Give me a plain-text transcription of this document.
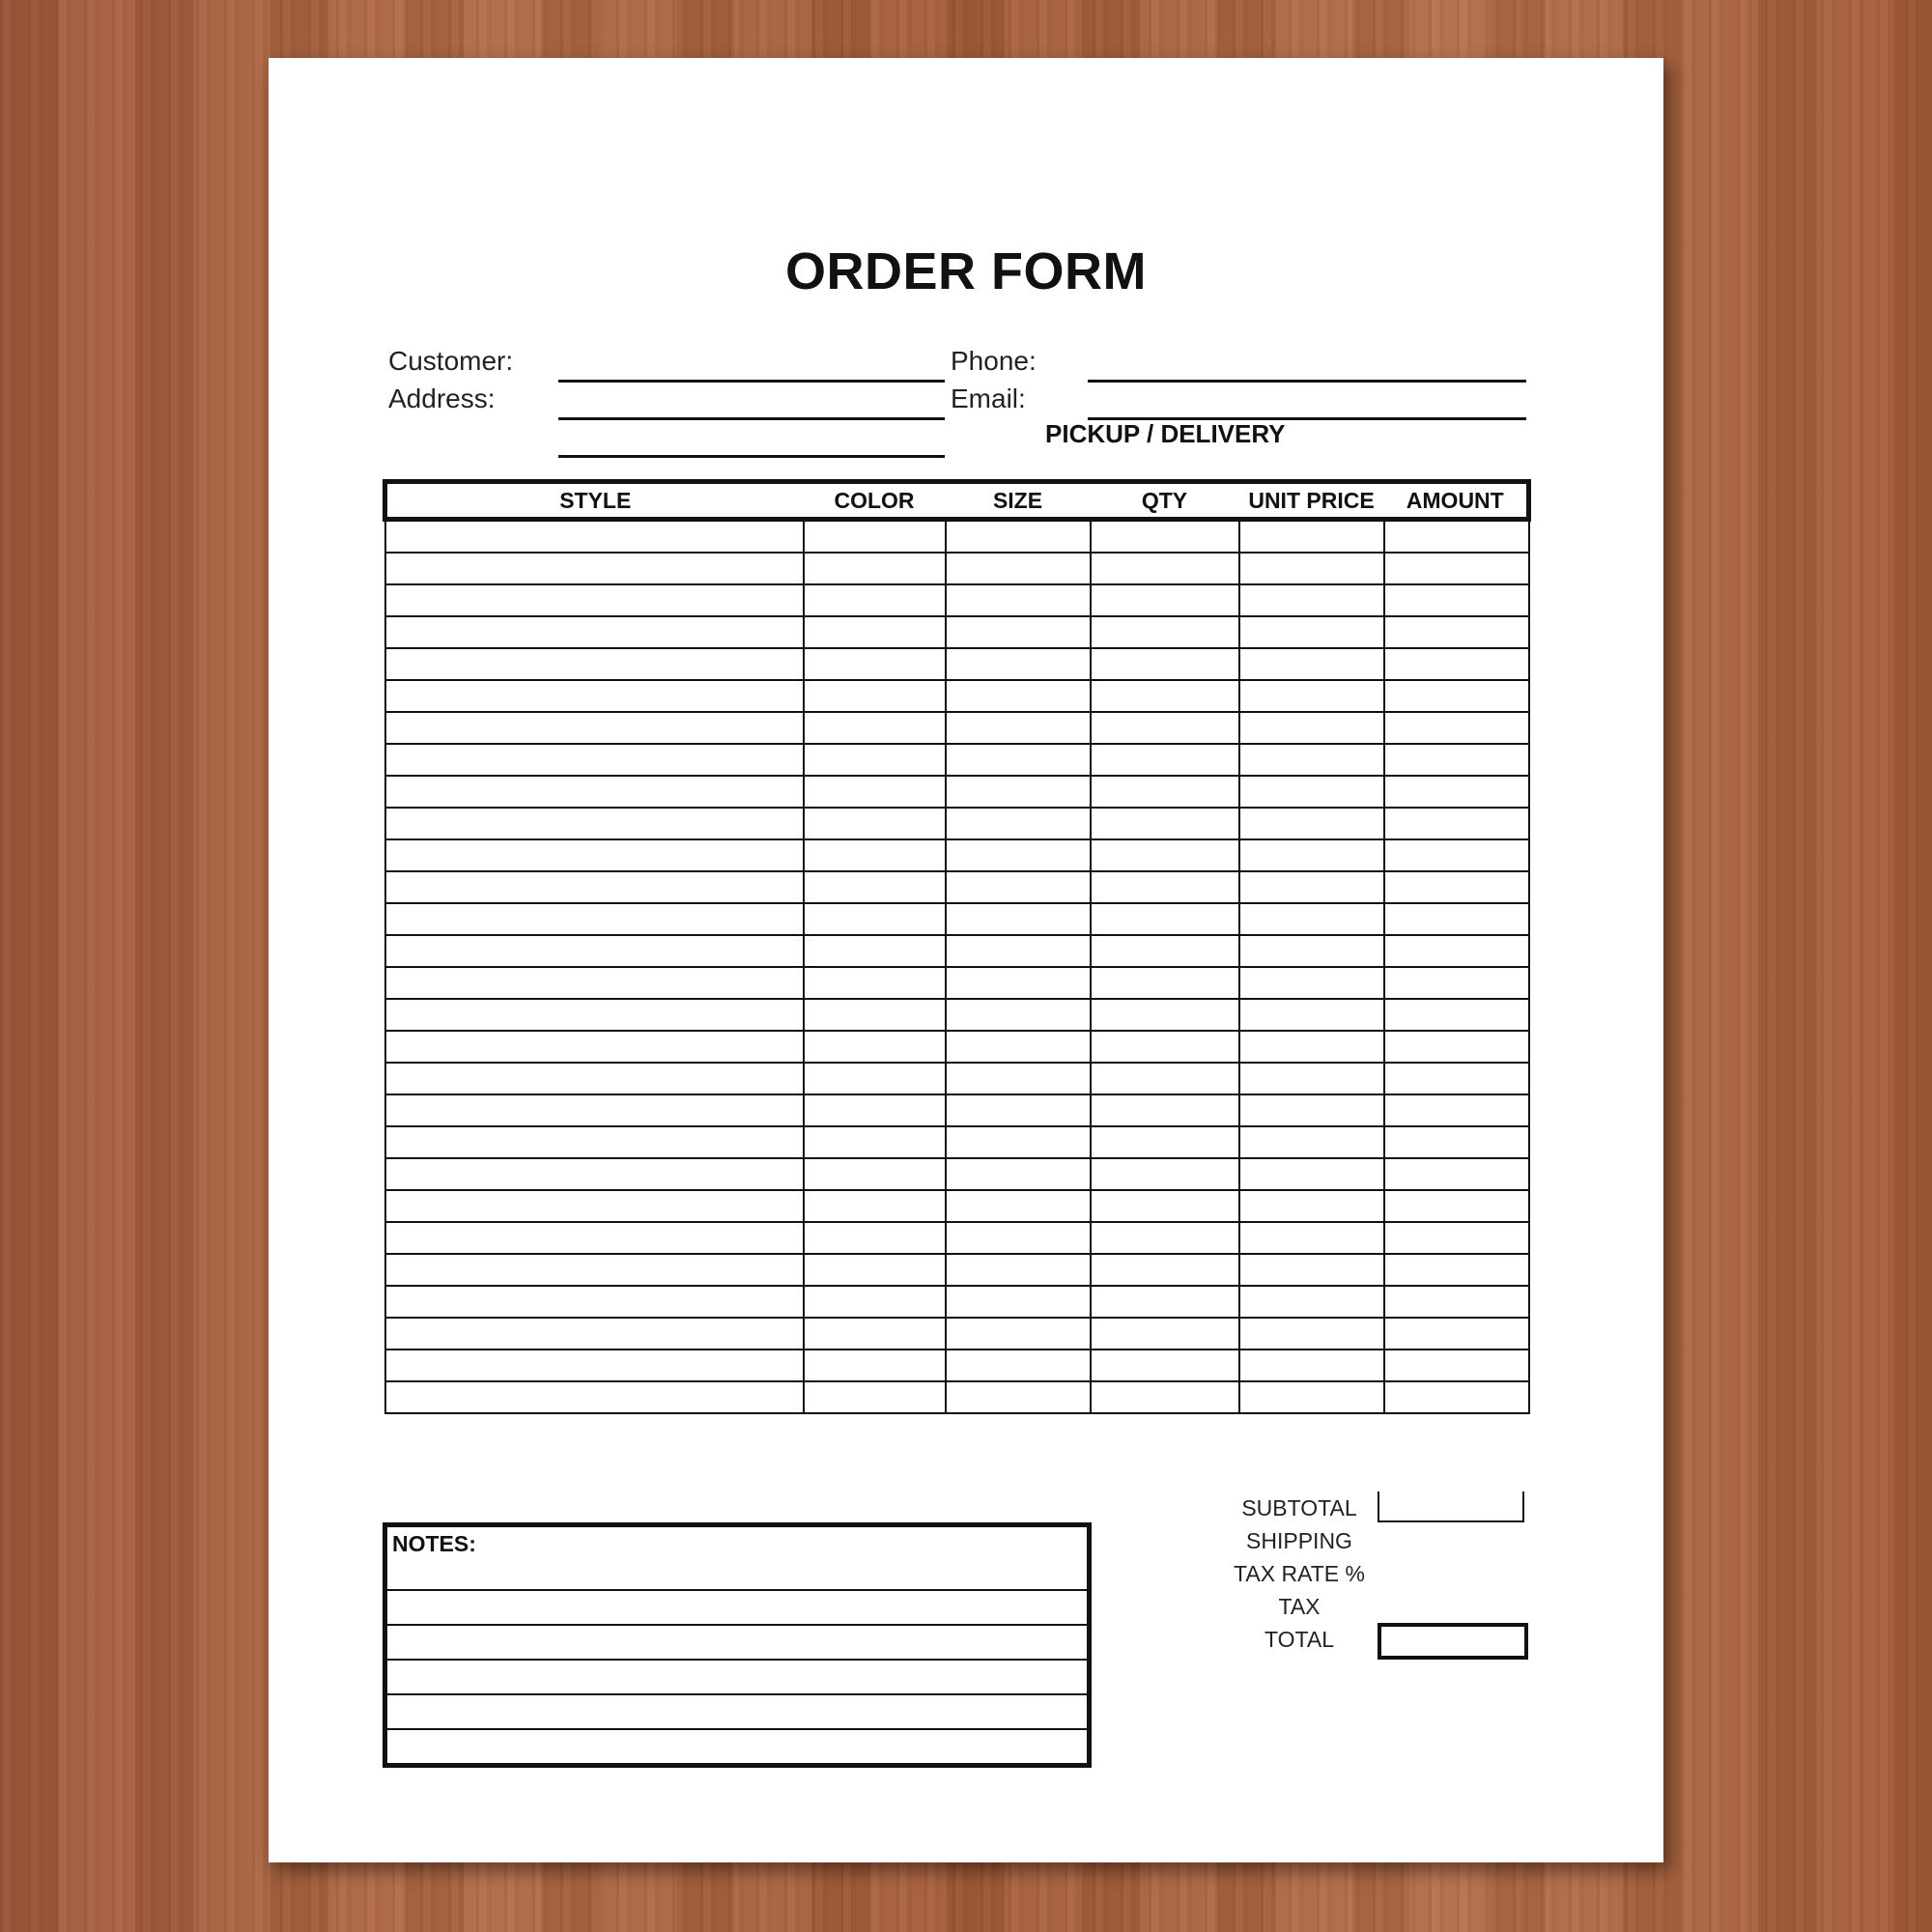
ORDER FORM
Customer:
Address:
Phone:
Email:
PICKUP / DELIVERY
STYLE	COLOR	SIZE	QTY	UNIT PRICE	AMOUNT

SUBTOTAL
SHIPPING
TAX RATE %
TAX
TOTAL
NOTES:
